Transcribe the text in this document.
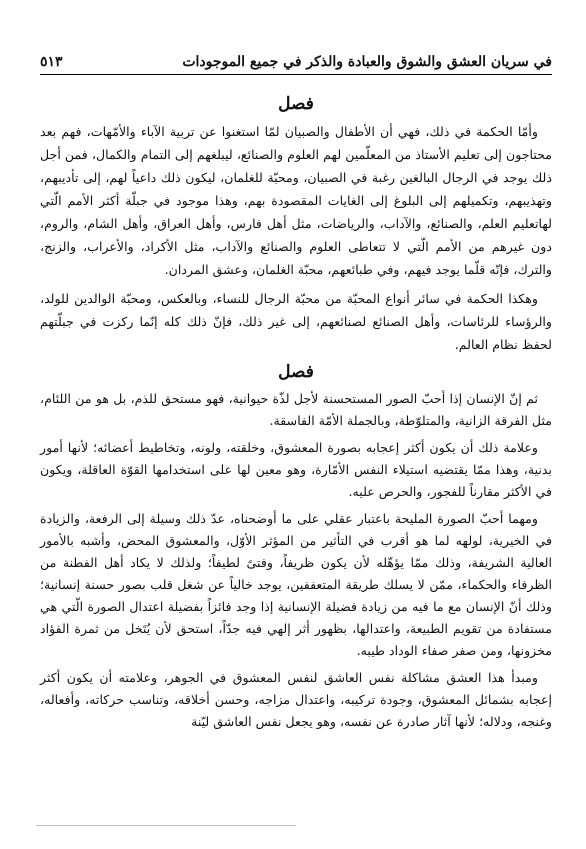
في سريان العشق والشوق والعبادة والذكر في جميع الموجودات
٥١٣
فصل

وأمّا الحكمة في ذلك، فهي أن الأطفال والصبيان لمّا استغنوا عن تربية الآباء والأمّهات، فهم بعد محتاجون إلى تعليم الأستاذ من المعلّمين لهم العلوم والصنائع، ليبلغهم إلى التمام والكمال، فمن أجل ذلك يوجد في الرجال البالغين رغبة في الصبيان، ومحبّة للغلمان، ليكون ذلك داعياً لهم، إلى تأديبهم، وتهذيبهم، وتكميلهم إلى البلوغ إلى الغايات المقصودة بهم، وهذا موجود في جبلّة أكثر الأمم الّتي لهاتعليم العلم، والصنائع، والآداب، والرياضات، مثل أهل فارس، وأهل العراق، وأهل الشام، والروم، دون غيرهم من الأمم الّتي لا تتعاطى العلوم والصنائع والآداب، مثل الأكراد، والأعراب، والزنج، والترك، فإنّه قلّما يوجد فيهم، وفي طبائعهم، محبّة الغلمان، وعشق المردان.

وهكذا الحكمة في سائر أنواع المحبّة من محبّة الرجال للنساء، وبالعكس، ومحبّة الوالدين للولد، والرؤساء للرئاسات، وأهل الصنائع لصنائعهم، إلى غير ذلك، فإنّ ذلك كله إنّما ركزت في جبلّتهم لحفظ نظام العالم.

فصل

ثم إنّ الإنسان إذا أحبّ الصور المستحسنة لأجل لذّة حيوانية، فهو مستحق للذم، بل هو من اللئام، مثل الفرقة الزانية، والمتلوّطة، وبالجملة الأمّة الفاسقة.

وعلامة ذلك أن يكون أكثر إعجابه بصورة المعشوق، وخلقته، ولونه، وتخاطيط أعضائه؛ لأنها أمور بدنية، وهذا ممّا يقتضيه استيلاء النفس الأمّارة، وهو معين لها على استخدامها القوّة العاقلة، ويكون في الأكثر مقارناً للفجور، والحرص عليه.

ومهما أحبّ الصورة المليحة باعتبار عقلي على ما أوضحناه، عدّ ذلك وسيلة إلى الرفعة، والزيادة في الخيرية، لولهه لما هو أقرب في التأثير من المؤثر الأوّل، والمعشوق المحض، وأشبه بالأمور العالية الشريفة، وذلك ممّا يؤهّله لأن يكون ظريفاً، وفتىً لطيفاً؛ ولذلك لا يكاد أهل الفطنة من الظرفاء والحكماء، ممّن لا يسلك طريقة المتعففين، يوجد خالياً عن شغل قلب بصور حسنة إنسانية؛ وذلك أنّ الإنسان مع ما فيه من زيادة فضيلة الإنسانية إذا وجد فائزاً بفضيلة اعتدال الصورة الّتي هي مستفادة من تقويم الطبيعة، واعتدالها، بظهور أثر إلهي فيه جدّاً، استحق لأن يُتَخل من ثمرة الفؤاد مخزونها، ومن صفر صفاء الوداد طيبه.

ومبدأ هذا العشق مشاكلة نفس العاشق لنفس المعشوق في الجوهر، وعلامته أن يكون أكثر إعجابه بشمائل المعشوق، وجودة تركيبه، واعتدال مزاجه، وحسن أخلاقه، وتناسب حركاته، وأفعاله، وغنجه، ودلاله؛ لأنها آثار صادرة عن نفسه، وهو يجعل نفس العاشق ليّنة
